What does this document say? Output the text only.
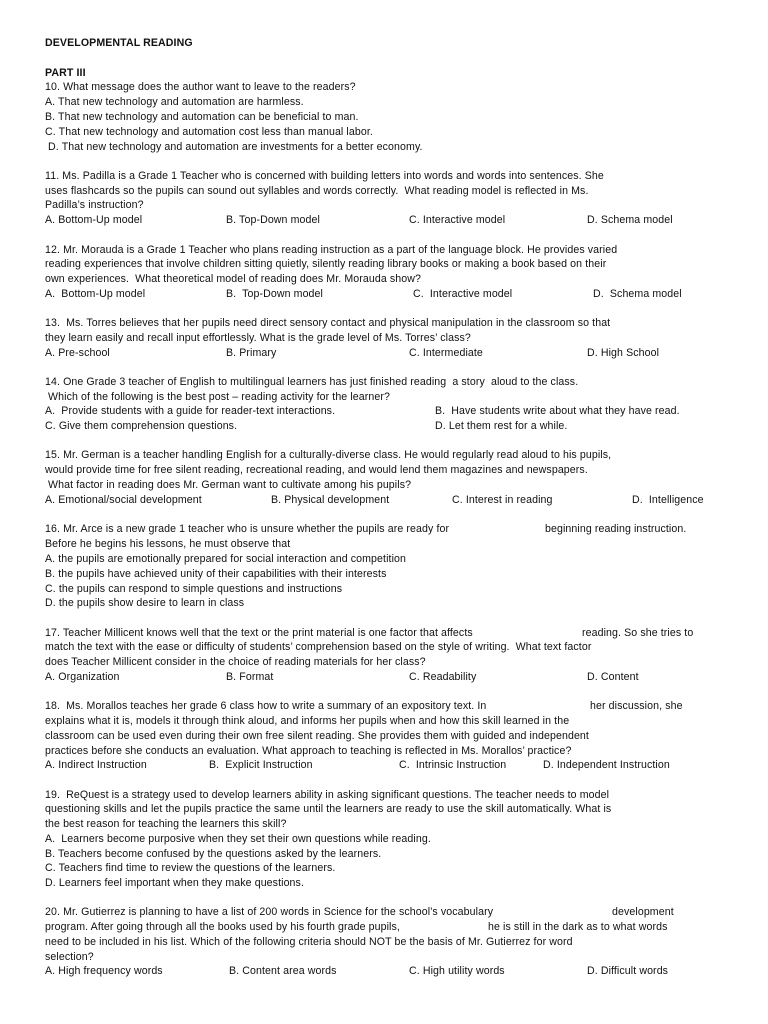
DEVELOPMENTAL READING
PART III
10. What message does the author want to leave to the readers?
A. That new technology and automation are harmless.
B. That new technology and automation can be beneficial to man.
C. That new technology and automation cost less than manual labor.
D. That new technology and automation are investments for a better economy.
11. Ms. Padilla is a Grade 1 Teacher who is concerned with building letters into words and words into sentences. She
uses flashcards so the pupils can sound out syllables and words correctly.  What reading model is reflected in Ms.
Padilla’s instruction?
A. Bottom-Up model	B. Top-Down model	C. Interactive model	D. Schema model
12. Mr. Morauda is a Grade 1 Teacher who plans reading instruction as a part of the language block. He provides varied
reading experiences that involve children sitting quietly, silently reading library books or making a book based on their
own experiences.  What theoretical model of reading does Mr. Morauda show?
A.  Bottom-Up model	B.  Top-Down model	C.  Interactive model	D.  Schema model
13.  Ms. Torres believes that her pupils need direct sensory contact and physical manipulation in the classroom so that
they learn easily and recall input effortlessly. What is the grade level of Ms. Torres’ class?
A. Pre-school	B. Primary	C. Intermediate	D. High School
14. One Grade 3 teacher of English to multilingual learners has just finished reading  a story  aloud to the class.
Which of the following is the best post – reading activity for the learner?
A.  Provide students with a guide for reader-text interactions.	B.  Have students write about what they have read.
C. Give them comprehension questions.	D. Let them rest for a while.
15. Mr. German is a teacher handling English for a culturally-diverse class. He would regularly read aloud to his pupils,
would provide time for free silent reading, recreational reading, and would lend them magazines and newspapers.
What factor in reading does Mr. German want to cultivate among his pupils?
A. Emotional/social development	B. Physical development	C. Interest in reading	D.  Intelligence
16. Mr. Arce is a new grade 1 teacher who is unsure whether the pupils are ready for	beginning reading instruction.
Before he begins his lessons, he must observe that
A. the pupils are emotionally prepared for social interaction and competition
B. the pupils have achieved unity of their capabilities with their interests
C. the pupils can respond to simple questions and instructions
D. the pupils show desire to learn in class
17. Teacher Millicent knows well that the text or the print material is one factor that affects	reading. So she tries to
match the text with the ease or difficulty of students’ comprehension based on the style of writing.  What text factor
does Teacher Millicent consider in the choice of reading materials for her class?
A. Organization	B. Format	C. Readability	D. Content
18.  Ms. Morallos teaches her grade 6 class how to write a summary of an expository text. In	her discussion, she
explains what it is, models it through think aloud, and informs her pupils when and how this skill learned in the
classroom can be used even during their own free silent reading. She provides them with guided and independent
practices before she conducts an evaluation. What approach to teaching is reflected in Ms. Morallos’ practice?
A. Indirect Instruction	B.  Explicit Instruction	C.  Intrinsic Instruction	D. Independent Instruction
19.  ReQuest is a strategy used to develop learners ability in asking significant questions. The teacher needs to model
questioning skills and let the pupils practice the same until the learners are ready to use the skill automatically. What is
the best reason for teaching the learners this skill?
A.  Learners become purposive when they set their own questions while reading.
B. Teachers become confused by the questions asked by the learners.
C. Teachers find time to review the questions of the learners.
D. Learners feel important when they make questions.
20. Mr. Gutierrez is planning to have a list of 200 words in Science for the school’s vocabulary	development
program. After going through all the books used by his fourth grade pupils,	he is still in the dark as to what words
need to be included in his list. Which of the following criteria should NOT be the basis of Mr. Gutierrez for word
selection?
A. High frequency words	B. Content area words	C. High utility words	D. Difficult words
